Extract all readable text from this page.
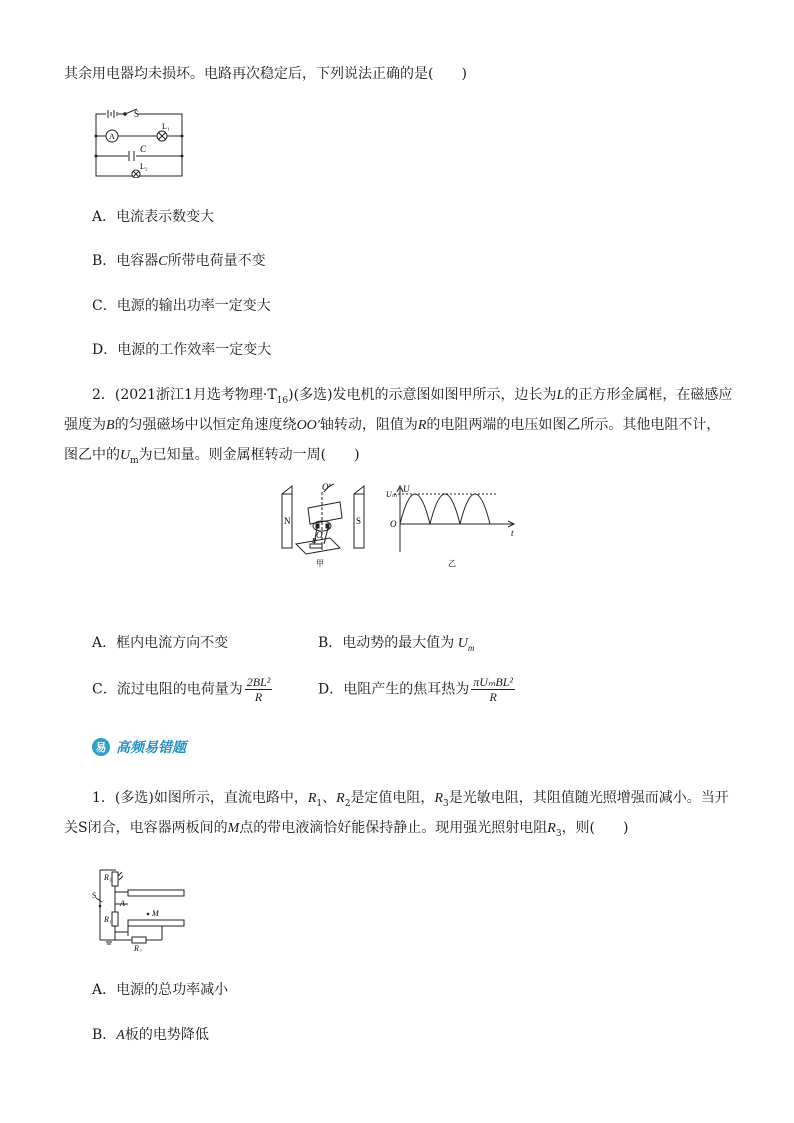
其余用电器均未损坏。电路再次稳定后，下列说法正确的是(　　)
S
A
L₁
C
L₂
A．电流表示数变大
B．电容器C所带电荷量不变
C．电源的输出功率一定变大
D．电源的工作效率一定变大
2．(2021浙江1月选考物理$\cdot T_{16}$)(多选)发电机的示意图如图甲所示，边长为L的正方形金属框，在磁感应
强度为B的匀强磁场中以恒定角速度绕OO′轴转动，阻值为R的电阻两端的电压如图乙所示。其他电阻不计，
图乙中的$U_m$为已知量。则金属框转动一周(　　)
N	S
O′
O
R
甲
Uₘ
U
O
t
乙
A．框内电流方向不变	B．电动势的最大值为 $U_m$
C．流过电阻的电荷量为 $\frac{\text{2BL²}}{R}$	D．电阻产生的焦耳热为 $\frac{\text{πUₘBL²}}{R}$
易 高频易错题
1．(多选)如图所示，直流电路中，$R_1$、$R_2$是定值电阻，$R_3$是光敏电阻，其阻值随光照增强而减小。当开
关S闭合，电容器两板间的M点的带电液滴恰好能保持静止。现用强光照射电阻$R_3$，则(　　)
R₃
S
A
R₁
M
R₂
A．电源的总功率减小
B．A板的电势降低
